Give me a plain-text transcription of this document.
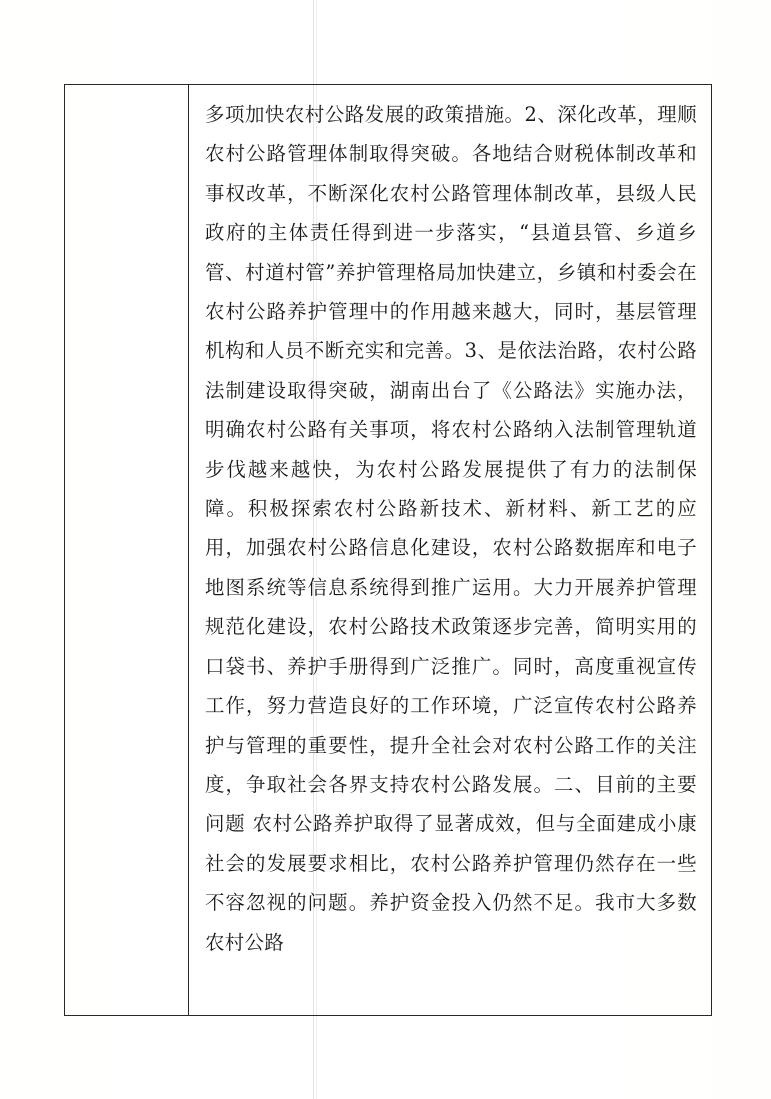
多项加快农村公路发展的政策措施。2、深化改革，理顺农村公路管理体制取得突破。各地结合财税体制改革和事权改革，不断深化农村公路管理体制改革，县级人民政府的主体责任得到进一步落实，“县道县管、乡道乡管、村道村管”养护管理格局加快建立，乡镇和村委会在农村公路养护管理中的作用越来越大，同时，基层管理机构和人员不断充实和完善。3、是依法治路，农村公路法制建设取得突破，湖南出台了《公路法》实施办法，明确农村公路有关事项，将农村公路纳入法制管理轨道步伐越来越快，为农村公路发展提供了有力的法制保障。积极探索农村公路新技术、新材料、新工艺的应用，加强农村公路信息化建设，农村公路数据库和电子地图系统等信息系统得到推广运用。大力开展养护管理规范化建设，农村公路技术政策逐步完善，简明实用的口袋书、养护手册得到广泛推广。同时，高度重视宣传工作，努力营造良好的工作环境，广泛宣传农村公路养护与管理的重要性，提升全社会对农村公路工作的关注度，争取社会各界支持农村公路发展。二、目前的主要问题 农村公路养护取得了显著成效，但与全面建成小康社会的发展要求相比，农村公路养护管理仍然存在一些不容忽视的问题。养护资金投入仍然不足。我市大多数农村公路
